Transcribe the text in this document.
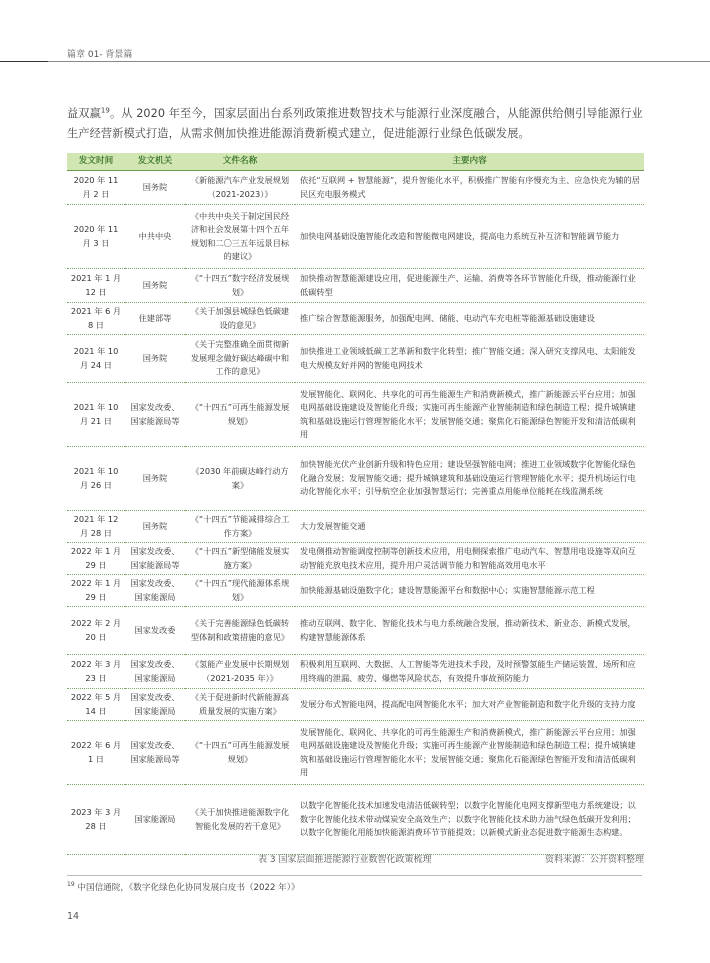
篇章 01- 背景篇

益双赢$^{19}$。从 2020 年至今，国家层面出台系列政策推进数智技术与能源行业深度融合，从能源供给侧引导能源行业生产经营新模式打造，从需求侧加快推进能源消费新模式建立，促进能源行业绿色低碳发展。

发文时间	发文机关	文件名称	主要内容
2020 年 11 月 2 日	国务院	《新能源汽车产业发展规划（2021-2023）》	依托“互联网 + 智慧能源”，提升智能化水平，积极推广智能有序慢充为主、应急快充为辅的居民区充电服务模式
2020 年 11 月 3 日	中共中央	《中共中央关于制定国民经济和社会发展第十四个五年规划和二〇三五年远景目标的建议》	加快电网基础设施智能化改造和智能微电网建设，提高电力系统互补互济和智能调节能力
2021 年 1 月 12 日	国务院	《“十四五”数字经济发展规划》	加快推动智慧能源建设应用，促进能源生产、运输、消费等各环节智能化升级，推动能源行业低碳转型
2021 年 6 月 8 日	住建部等	《关于加强县城绿色低碳建设的意见》	推广综合智慧能源服务，加强配电网、储能、电动汽车充电桩等能源基础设施建设
2021 年 10 月 24 日	国务院	《关于完整准确全面贯彻新发展理念做好碳达峰碳中和工作的意见》	加快推进工业领域低碳工艺革新和数字化转型；推广智能交通；深入研究支撑风电、太阳能发电大规模友好并网的智能电网技术
2021 年 10 月 21 日	国家发改委、国家能源局等	《“十四五”可再生能源发展规划》	发展智能化、联网化、共享化的可再生能源生产和消费新模式，推广新能源云平台应用；加强电网基础设施建设及智能化升级；实施可再生能源产业智能制造和绿色制造工程；提升城镇建筑和基础设施运行管理智能化水平；发展智能交通；聚焦化石能源绿色智能开发和清洁低碳利用
2021 年 10 月 26 日	国务院	《2030 年前碳达峰行动方案》	加快智能光伏产业创新升级和特色应用；建设坚强智能电网；推进工业领域数字化智能化绿色化融合发展；发展智能交通；提升城镇建筑和基础设施运行管理智能化水平；提升机场运行电动化智能化水平；引导航空企业加强智慧运行；完善重点用能单位能耗在线监测系统
2021 年 12 月 28 日	国务院	《“十四五”节能减排综合工作方案》	大力发展智能交通
2022 年 1 月 29 日	国家发改委、国家能源局等	《“十四五”新型储能发展实施方案》	发电侧推动智能调度控制等创新技术应用，用电侧探索推广电动汽车、智慧用电设施等双向互动智能充放电技术应用，提升用户灵活调节能力和智能高效用电水平
2022 年 1 月 29 日	国家发改委、国家能源局	《“十四五”现代能源体系规划》	加快能源基础设施数字化；建设智慧能源平台和数据中心；实施智慧能源示范工程
2022 年 2 月 20 日	国家发改委	《关于完善能源绿色低碳转型体制和政策措施的意见》	推动互联网、数字化、智能化技术与电力系统融合发展，推动新技术、新业态、新模式发展，构建智慧能源体系
2022 年 3 月 23 日	国家发改委、国家能源局	《氢能产业发展中长期规划（2021-2035 年）》	积极利用互联网、大数据、人工智能等先进技术手段，及时预警氢能生产储运装置、场所和应用终端的泄漏、疲劳、爆燃等风险状态，有效提升事故预防能力
2022 年 5 月 14 日	国家发改委、国家能源局	《关于促进新时代新能源高质量发展的实施方案》	发展分布式智能电网，提高配电网智能化水平；加大对产业智能制造和数字化升级的支持力度
2022 年 6 月 1 日	国家发改委、国家能源局等	《“十四五”可再生能源发展规划》	发展智能化、联网化、共享化的可再生能源生产和消费新模式，推广新能源云平台应用；加强电网基础设施建设及智能化升级；实施可再生能源产业智能制造和绿色制造工程；提升城镇建筑和基础设施运行管理智能化水平；发展智能交通；聚焦化石能源绿色智能开发和清洁低碳利用
2023 年 3 月 28 日	国家能源局	《关于加快推进能源数字化智能化发展的若干意见》	以数字化智能化技术加速发电清洁低碳转型；以数字化智能化电网支撑新型电力系统建设；以数字化智能化技术带动煤炭安全高效生产；以数字化智能化技术助力油气绿色低碳开发利用；以数字化智能化用能加快能源消费环节节能提效；以新模式新业态促进数字能源生态构建。
表 3 国家层面推进能源行业数智化政策梳理	资料来源：公开资料整理
$^{19}$ 中国信通院，《数字化绿色化协同发展白皮书（2022 年）》
14
